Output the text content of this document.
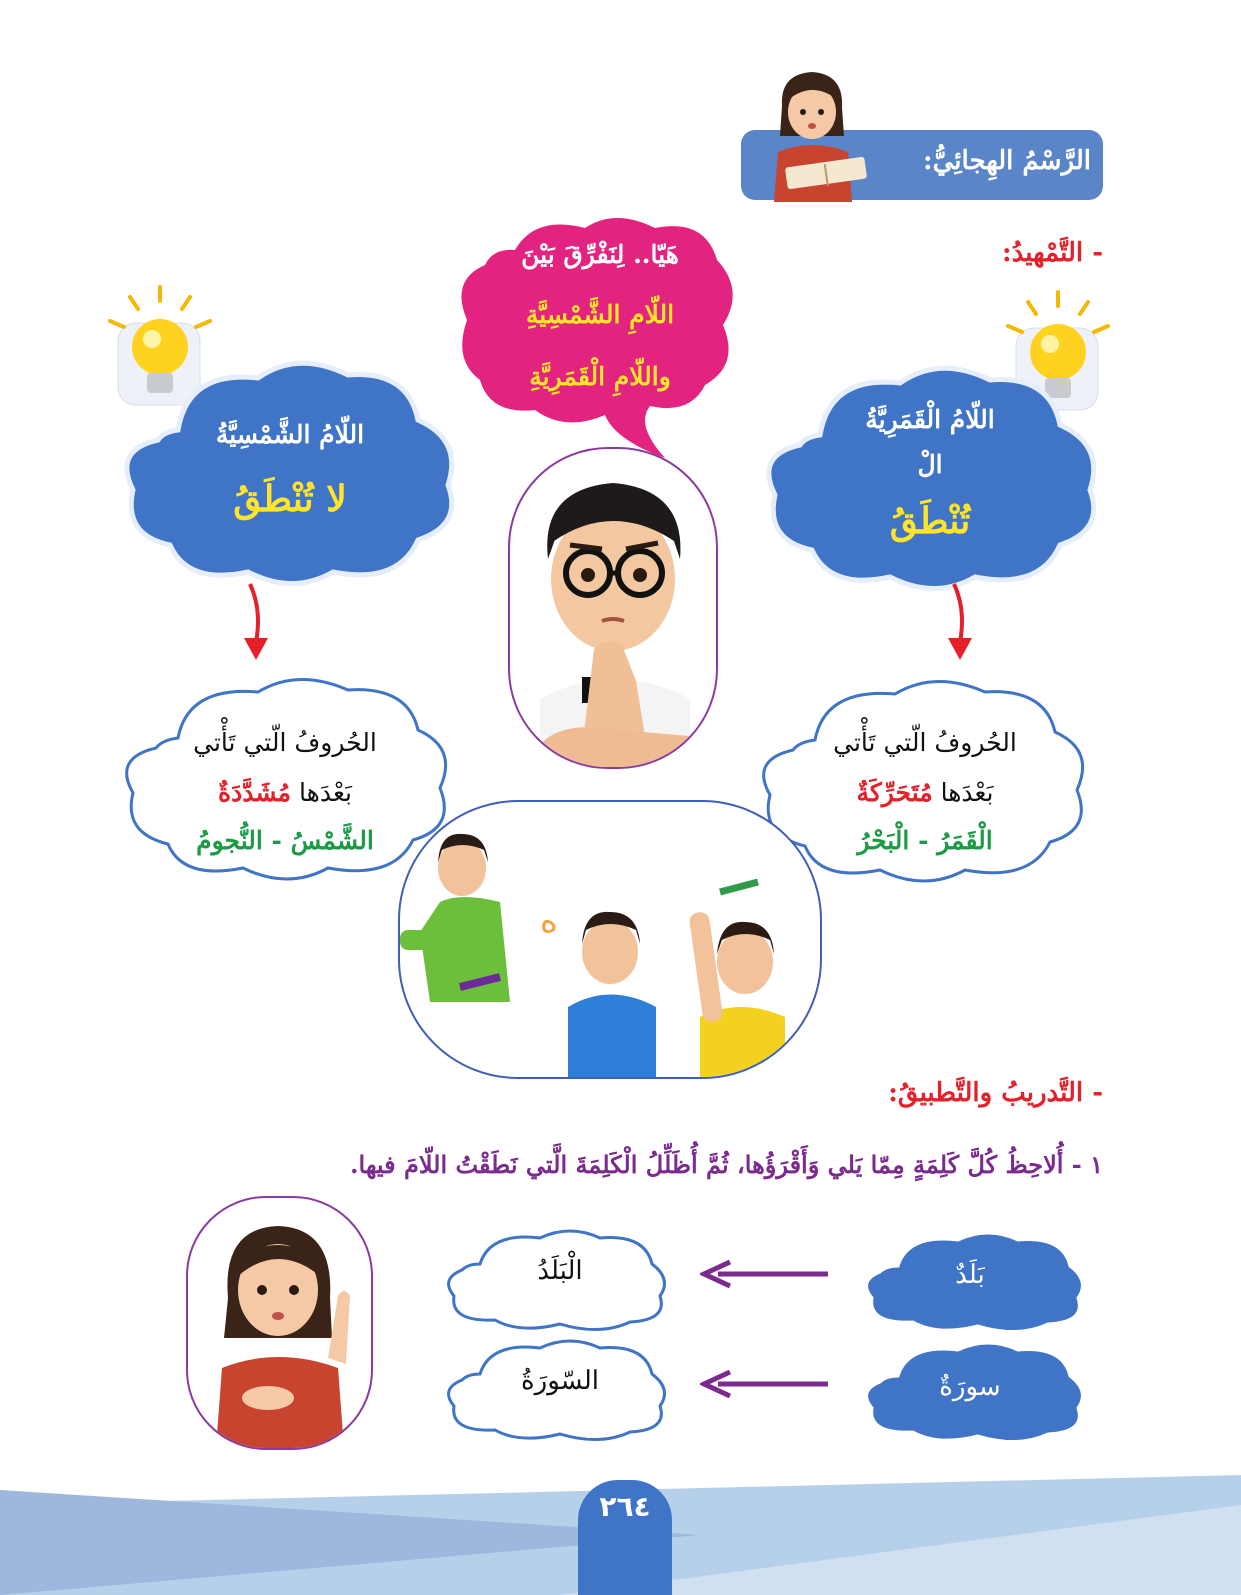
الرَّسْمُ الهِجائِيُّ:
- التَّمْهيدُ:
هَيّا.. لِنَفْرِّقَ بَيْنَ
اللّامِ الشَّمْسِيَّةِ
واللّامِ الْقَمَرِيَّةِ
اللّامُ الشَّمْسِيَّةُ
لا تُنْطَقُ
اللّامُ الْقَمَرِيَّةُ
الْ
تُنْطَقُ
الحُروفُ الّتي تَأْتي
بَعْدَها مُشَدَّدَةٌ
الشَّمْسُ - النُّجومُ
الحُروفُ الّتي تَأْتي
بَعْدَها مُتَحَرِّكَةٌ
الْقَمَرُ - الْبَحْرُ
ه
- التَّدريبُ والتَّطبيقُ:
١ - أُلاحِظُ كُلَّ كَلِمَةٍ مِمّا يَلي وَأَقْرَؤُها، ثُمَّ أُظَلِّلُ الْكَلِمَةَ الَّتي نَطَقْتُ اللّامَ فيها.
بَلَدٌ
الْبَلَدُ
سورَةٌ
السّورَةُ
٢٦٤
